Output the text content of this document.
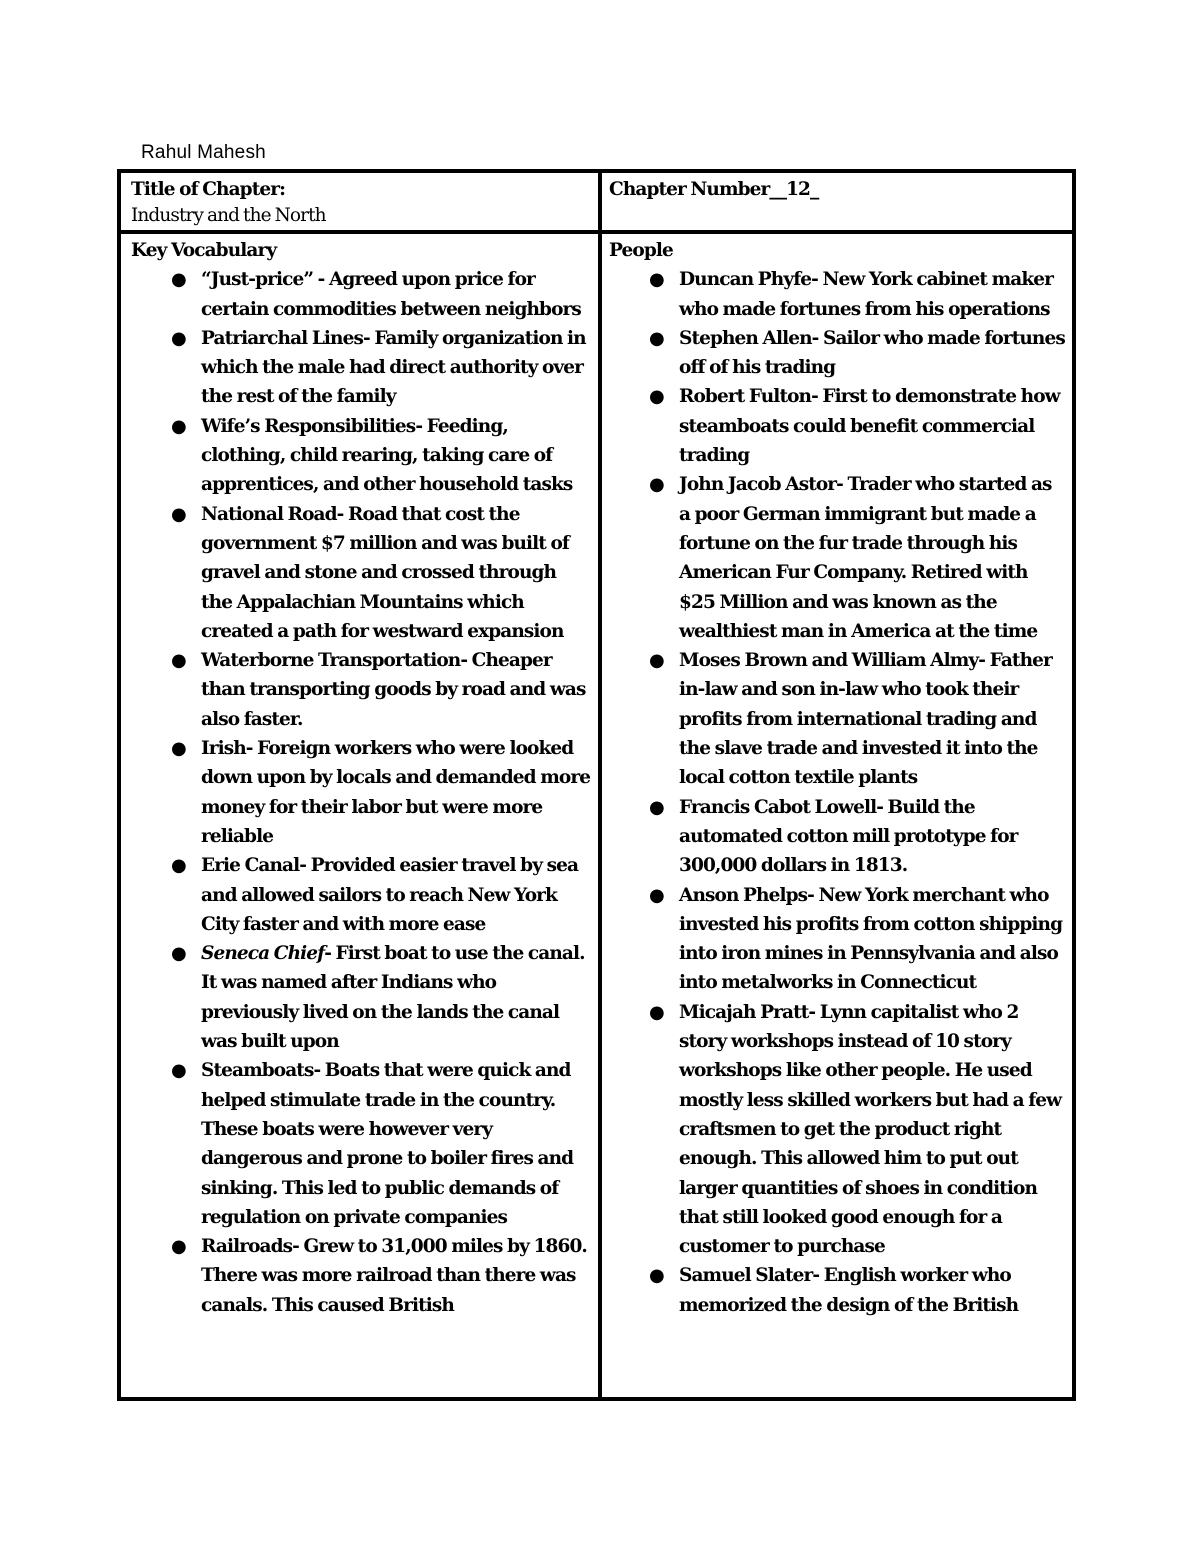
Rahul Mahesh
Title of Chapter:
Industry and the North
Chapter Number__12_
Key Vocabulary
● “Just-price” - Agreed upon price for certain commodities between neighbors
● Patriarchal Lines- Family organization in which the male had direct authority over the rest of the family
● Wife’s Responsibilities- Feeding, clothing, child rearing, taking care of apprentices, and other household tasks
● National Road- Road that cost the government $7 million and was built of gravel and stone and crossed through the Appalachian Mountains which created a path for westward expansion
● Waterborne Transportation- Cheaper than transporting goods by road and was also faster.
● Irish- Foreign workers who were looked down upon by locals and demanded more money for their labor but were more reliable
● Erie Canal- Provided easier travel by sea and allowed sailors to reach New York City faster and with more ease
● Seneca Chief- First boat to use the canal. It was named after Indians who previously lived on the lands the canal was built upon
● Steamboats- Boats that were quick and helped stimulate trade in the country. These boats were however very dangerous and prone to boiler fires and sinking. This led to public demands of regulation on private companies
● Railroads- Grew to 31,000 miles by 1860. There was more railroad than there was canals. This caused British
People
● Duncan Phyfe- New York cabinet maker who made fortunes from his operations
● Stephen Allen- Sailor who made fortunes off of his trading
● Robert Fulton- First to demonstrate how steamboats could benefit commercial trading
● John Jacob Astor- Trader who started as a poor German immigrant but made a fortune on the fur trade through his American Fur Company. Retired with $25 Million and was known as the wealthiest man in America at the time
● Moses Brown and William Almy- Father in-law and son in-law who took their profits from international trading and the slave trade and invested it into the local cotton textile plants
● Francis Cabot Lowell- Build the automated cotton mill prototype for 300,000 dollars in 1813.
● Anson Phelps- New York merchant who invested his profits from cotton shipping into iron mines in Pennsylvania and also into metalworks in Connecticut
● Micajah Pratt- Lynn capitalist who 2 story workshops instead of 10 story workshops like other people. He used mostly less skilled workers but had a few craftsmen to get the product right enough. This allowed him to put out larger quantities of shoes in condition that still looked good enough for a customer to purchase
● Samuel Slater- English worker who memorized the design of the British
